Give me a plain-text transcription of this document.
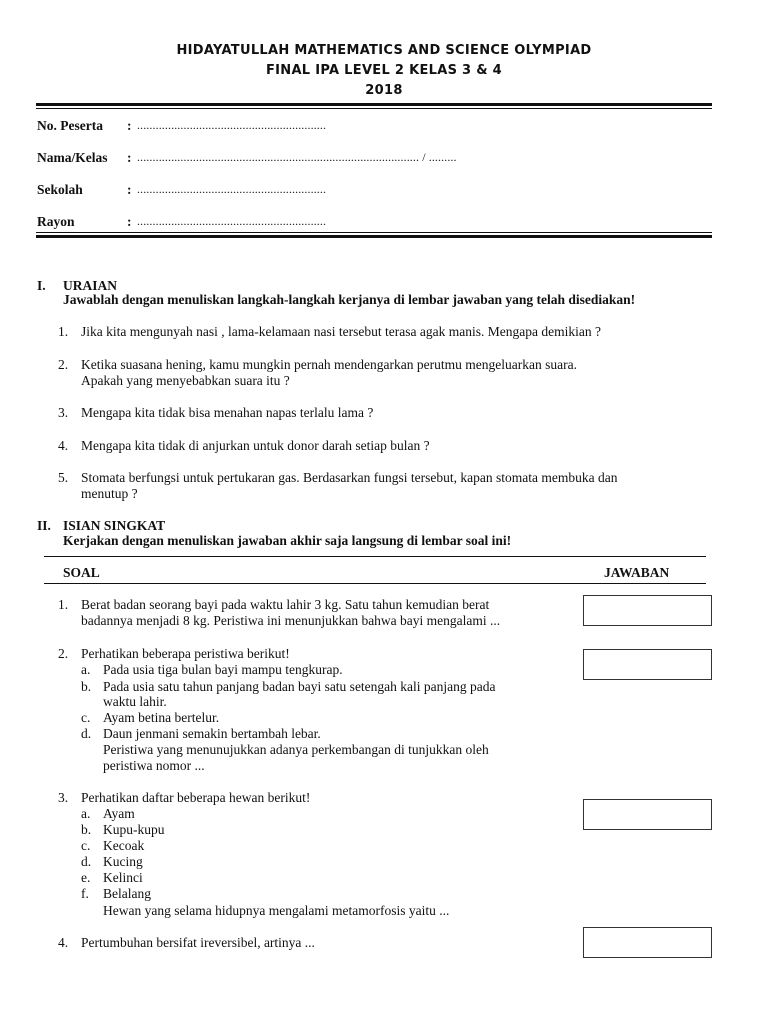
HIDAYATULLAH MATHEMATICS AND SCIENCE OLYMPIAD
FINAL IPA LEVEL 2 KELAS 3 & 4
2018
No. Peserta : .............................................................
Nama/Kelas : ........................................................................................... / .........
Sekolah	: .............................................................
Rayon	: .............................................................
I. URAIAN
Jawablah dengan menuliskan langkah-langkah kerjanya di lembar jawaban yang telah disediakan!
1. Jika kita mengunyah nasi , lama-kelamaan nasi tersebut terasa agak manis. Mengapa demikian ?
2. Ketika suasana hening, kamu mungkin pernah mendengarkan perutmu mengeluarkan suara.
Apakah yang menyebabkan suara itu ?
3. Mengapa kita tidak bisa menahan napas terlalu lama ?
4. Mengapa kita tidak di anjurkan untuk donor darah setiap bulan ?
5. Stomata berfungsi untuk pertukaran gas. Berdasarkan fungsi tersebut, kapan stomata membuka dan
menutup ?
II. ISIAN SINGKAT
Kerjakan dengan menuliskan jawaban akhir saja langsung di lembar soal ini!
SOAL	JAWABAN
1. Berat badan seorang bayi pada waktu lahir 3 kg. Satu tahun kemudian berat
badannya menjadi 8 kg. Peristiwa ini menunjukkan bahwa bayi mengalami ...
2. Perhatikan beberapa peristiwa berikut!
a. Pada usia tiga bulan bayi mampu tengkurap.
b. Pada usia satu tahun panjang badan bayi satu setengah kali panjang pada
waktu lahir.
c. Ayam betina bertelur.
d. Daun jenmani semakin bertambah lebar.
Peristiwa yang menunujukkan adanya perkembangan di tunjukkan oleh
peristiwa nomor ...
3. Perhatikan daftar beberapa hewan berikut!
a. Ayam
b. Kupu-kupu
c. Kecoak
d. Kucing
e. Kelinci
f. Belalang
Hewan yang selama hidupnya mengalami metamorfosis yaitu ...
4. Pertumbuhan bersifat ireversibel, artinya ...
